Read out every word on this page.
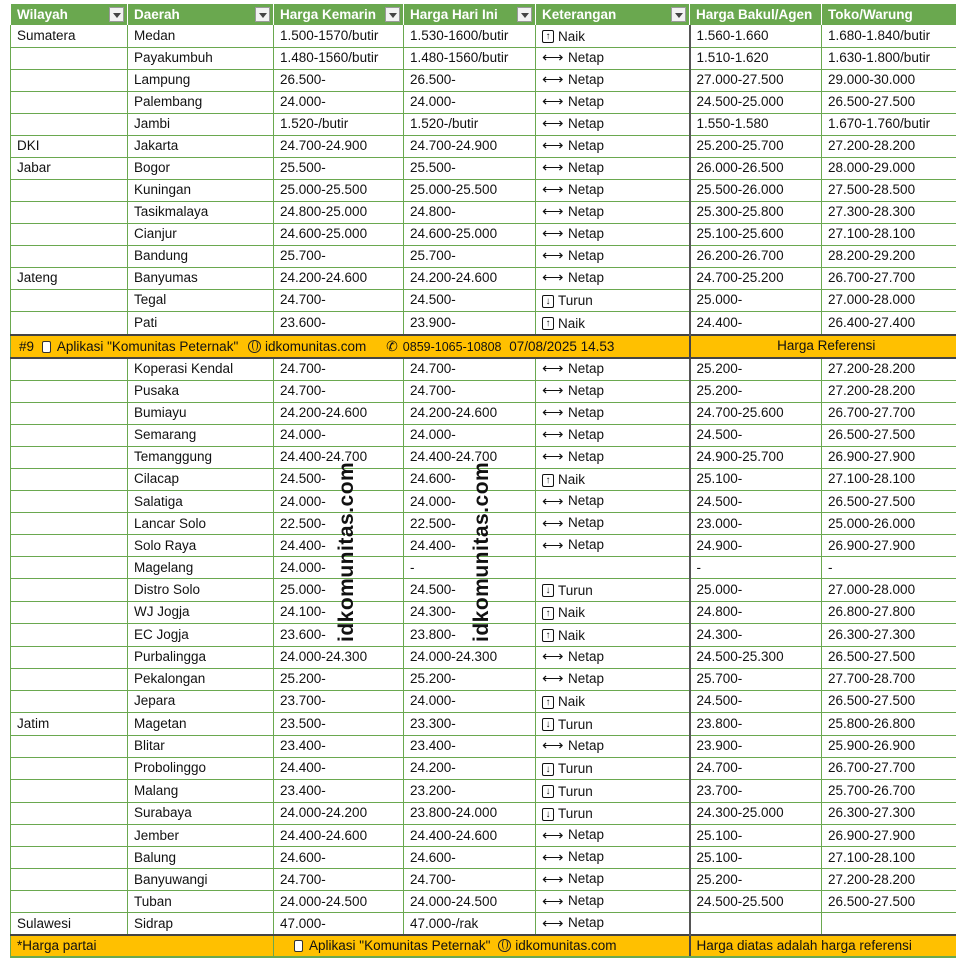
Wilayah	Daerah	Harga Kemarin	Harga Hari Ini	Keterangan	Harga Bakul/Agen	Toko/Warung
Sumatera	Medan	1.500-1570/butir	1.530-1600/butir	↑ Naik	1.560-1.660	1.680-1.840/butir
	Payakumbuh	1.480-1560/butir	1.480-1560/butir	⟷ Netap	1.510-1.620	1.630-1.800/butir
	Lampung	26.500-	26.500-	⟷ Netap	27.000-27.500	29.000-30.000
	Palembang	24.000-	24.000-	⟷ Netap	24.500-25.000	26.500-27.500
	Jambi	1.520-/butir	1.520-/butir	⟷ Netap	1.550-1.580	1.670-1.760/butir
DKI	Jakarta	24.700-24.900	24.700-24.900	⟷ Netap	25.200-25.700	27.200-28.200
Jabar	Bogor	25.500-	25.500-	⟷ Netap	26.000-26.500	28.000-29.000
	Kuningan	25.000-25.500	25.000-25.500	⟷ Netap	25.500-26.000	27.500-28.500
	Tasikmalaya	24.800-25.000	24.800-	⟷ Netap	25.300-25.800	27.300-28.300
	Cianjur	24.600-25.000	24.600-25.000	⟷ Netap	25.100-25.600	27.100-28.100
	Bandung	25.700-	25.700-	⟷ Netap	26.200-26.700	28.200-29.200
Jateng	Banyumas	24.200-24.600	24.200-24.600	⟷ Netap	24.700-25.200	26.700-27.700
	Tegal	24.700-	24.500-	↓ Turun	25.000-	27.000-28.000
	Pati	23.600-	23.900-	↑ Naik	24.400-	26.400-27.400
#9 Aplikasi "Komunitas Peternak" idkomunitas.com ✆ 0859-1065-10808 07/08/2025 14.53					Harga Referensi	
	Koperasi Kendal	24.700-	24.700-	⟷ Netap	25.200-	27.200-28.200
	Pusaka	24.700-	24.700-	⟷ Netap	25.200-	27.200-28.200
	Bumiayu	24.200-24.600	24.200-24.600	⟷ Netap	24.700-25.600	26.700-27.700
	Semarang	24.000-	24.000-	⟷ Netap	24.500-	26.500-27.500
	Temanggung	24.400-24.700	24.400-24.700	⟷ Netap	24.900-25.700	26.900-27.900
	Cilacap	24.500-	24.600-	↑ Naik	25.100-	27.100-28.100
	Salatiga	24.000-	24.000-	⟷ Netap	24.500-	26.500-27.500
	Lancar Solo	22.500-	22.500-	⟷ Netap	23.000-	25.000-26.000
	Solo Raya	24.400-	24.400-	⟷ Netap	24.900-	26.900-27.900
	Magelang	24.000-	-		-	-
	Distro Solo	25.000-	24.500-	↓ Turun	25.000-	27.000-28.000
	WJ Jogja	24.100-	24.300-	↑ Naik	24.800-	26.800-27.800
	EC Jogja	23.600-	23.800-	↑ Naik	24.300-	26.300-27.300
	Purbalingga	24.000-24.300	24.000-24.300	⟷ Netap	24.500-25.300	26.500-27.500
	Pekalongan	25.200-	25.200-	⟷ Netap	25.700-	27.700-28.700
	Jepara	23.700-	24.000-	↑ Naik	24.500-	26.500-27.500
Jatim	Magetan	23.500-	23.300-	↓ Turun	23.800-	25.800-26.800
	Blitar	23.400-	23.400-	⟷ Netap	23.900-	25.900-26.900
	Probolinggo	24.400-	24.200-	↓ Turun	24.700-	26.700-27.700
	Malang	23.400-	23.200-	↓ Turun	23.700-	25.700-26.700
	Surabaya	24.000-24.200	23.800-24.000	↓ Turun	24.300-25.000	26.300-27.300
	Jember	24.400-24.600	24.400-24.600	⟷ Netap	25.100-	26.900-27.900
	Balung	24.600-	24.600-	⟷ Netap	25.100-	27.100-28.100
	Banyuwangi	24.700-	24.700-	⟷ Netap	25.200-	27.200-28.200
	Tuban	24.000-24.500	24.000-24.500	⟷ Netap	24.500-25.500	26.500-27.500
Sulawesi	Sidrap	47.000-	47.000-/rak	⟷ Netap		

*Harga partai		Aplikasi "Komunitas Peternak" idkomunitas.com			Harga diatas adalah harga referensi	
idkomunitas.com	idkomunitas.com
